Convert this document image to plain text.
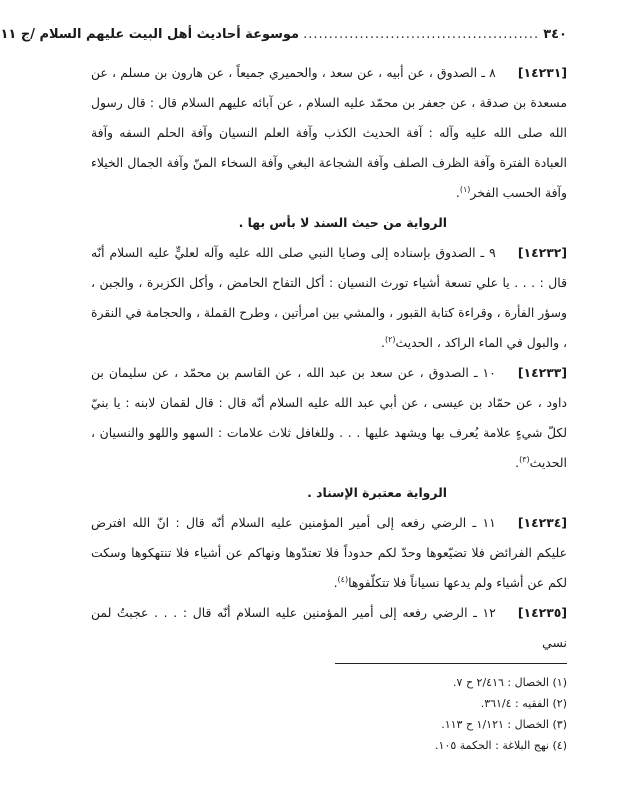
٣٤٠
..............................................
موسوعة أحاديث أهل البيت عليهم السلام /ج ١١

[١٤٢٣١]٨ ـ الصدوق ، عن أبيه ، عن سعد ، والحميري جميعاً ، عن هارون بن مسلم ، عن مسعدة بن صدقة ، عن جعفر بن محمّد عليه السلام ، عن آبائه عليهم السلام قال : قال رسول الله صلى الله عليه وآله : آفة الحديث الكذب وآفة العلم النسيان وآفة الحلم السفه وآفة العبادة الفترة وآفة الظرف الصلف وآفة الشجاعة البغي وآفة السخاء المنّ وآفة الجمال الخيلاء وآفة الحسب الفخر$^{(١)}$.

الرواية من حيث السند لا بأس بها .

[١٤٢٣٢]٩ ـ الصدوق بإسناده إلى وصايا النبي صلى الله عليه وآله لعليٍّ عليه السلام أنّه قال : . . . يا علي تسعة أشياء تورث النسيان : أكل التفاح الحامض ، وأكل الكزبرة ، والجبن ، وسؤر الفأرة ، وقراءة كتابة القبور ، والمشي بين امرأتين ، وطرح القملة ، والحجامة في النقرة ، والبول في الماء الراكد ، الحديث$^{(٢)}$.

[١٤٢٣٣]١٠ ـ الصدوق ، عن سعد بن عبد الله ، عن القاسم بن محمّد ، عن سليمان بن داود ، عن حمّاد بن عيسى ، عن أبي عبد الله عليه السلام أنّه قال : قال لقمان لابنه : يا بنيّ لكلّ شيءٍ علامة يُعرف بها ويشهد عليها . . . وللغافل ثلاث علامات : السهو واللهو والنسيان ، الحديث$^{(٣)}$.

الرواية معتبرة الإسناد .

[١٤٢٣٤]١١ ـ الرضي رفعه إلى أمير المؤمنين عليه السلام أنّه قال : انّ الله افترض عليكم الفرائض فلا تضيّعوها وحدّ لكم حدوداً فلا تعتدّوها ونهاكم عن أشياء فلا تنتهكوها وسكت لكم عن أشياء ولم يدعها نسياناً فلا تتكلّفوها$^{(٤)}$.

[١٤٢٣٥]١٢ ـ الرضي رفعه إلى أمير المؤمنين عليه السلام أنّه قال : . . . عجبتُ لمن نسي

(١) الخصال : ٢/٤١٦ ح ٧.
(٢) الفقيه : ٣٦١/٤.
(٣) الخصال : ١/١٢١ ح ١١٣.
(٤) نهج البلاغة : الحكمة ١٠٥.
